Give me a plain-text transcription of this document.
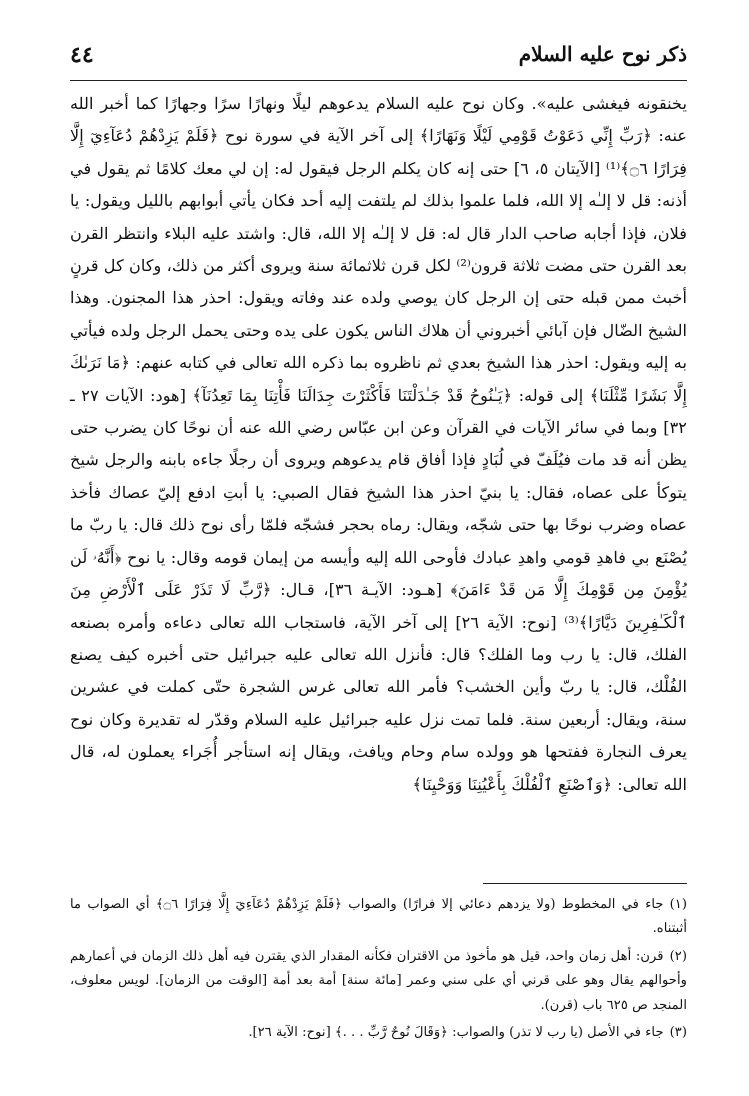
ذكر نوح عليه السلام
٤٤

يخنقونه فيغشى عليه». وكان نوح عليه السلام يدعوهم ليلًا ونهارًا سرًا وجهارًا كما أخبر الله عنه: ﴿رَبِّ إِنِّي دَعَوْتُ قَوْمِي لَيْلًا وَنَهَارًا﴾ إلى آخر الآية في سورة نوح ﴿فَلَمْ يَزِدْهُمْ دُعَآءِيٓ إِلَّا فِرَارًا ۝٦﴾⁽¹⁾ [الآيتان ٥، ٦] حتى إنه كان يكلم الرجل فيقول له: إن لي معك كلامًا ثم يقول في أذنه: قل لا إلـٰه إلا الله، فلما علموا بذلك لم يلتفت إليه أحد فكان يأتي أبوابهم بالليل ويقول: يا فلان، فإذا أجابه صاحب الدار قال له: قل لا إلـٰه إلا الله، قال: واشتد عليه البلاء وانتظر القرن بعد القرن حتى مضت ثلاثة قرون⁽²⁾ لكل قرن ثلاثمائة سنة ويروى أكثر من ذلك، وكان كل قرنٍ أخبث ممن قبله حتى إن الرجل كان يوصي ولده عند وفاته ويقول: احذر هذا المجنون. وهذا الشيخ الضّال فإن آبائي أخبروني أن هلاك الناس يكون على يده وحتى يحمل الرجل ولده فيأتي به إليه ويقول: احذر هذا الشيخ بعدي ثم ناظروه بما ذكره الله تعالى في كتابه عنهم: ﴿مَا نَرَىٰكَ إِلَّا بَشَرًا مِّثْلَنَا﴾ إلى قوله: ﴿يَـٰنُوحُ قَدْ جَـٰدَلْتَنَا فَأَكْثَرْتَ جِدَالَنَا فَأْتِنَا بِمَا تَعِدُنَآ﴾ [هود: الآيات ٢٧ ـ ٣٢] وبما في سائر الآيات في القرآن وعن ابن عبّاس رضي الله عنه أن نوحًا كان يضرب حتى يظن أنه قد مات فيُلَفّ في لُبَادٍ فإذا أفاق قام يدعوهم ويروى أن رجلًا جاءه بابنه والرجل شيخ يتوكأ على عصاه، فقال: يا بنيّ احذر هذا الشيخ فقال الصبي: يا أبتِ ادفع إليّ عصاك فأخذ عصاه وضرب نوحًا بها حتى شجّه، ويقال: رماه بحجر فشجّه فلمّا رأى نوح ذلك قال: يا ربّ ما يُصْنَع بي فاهدِ قومي واهدِ عبادك فأوحى الله إليه وأيسه من إيمان قومه وقال: يا نوح ﴿أَنَّهُۥ لَن يُؤْمِنَ مِن قَوْمِكَ إِلَّا مَن قَدْ ءَامَنَ﴾ [هـود: الآيـة ٣٦]، قـال: ﴿رَّبِّ لَا تَذَرْ عَلَى ٱلْأَرْضِ مِنَ ٱلْكَـٰفِرِينَ دَيَّارًا﴾⁽³⁾ [نوح: الآية ٢٦] إلى آخر الآية، فاستجاب الله تعالى دعاءه وأمره بصنعه الفلك، قال: يا رب وما الفلك؟ قال: فأنزل الله تعالى عليه جبرائيل حتى أخبره كيف يصنع الفُلْك، قال: يا ربّ وأين الخشب؟ فأمر الله تعالى غرس الشجرة حتّى كملت في عشرين سنة، ويقال: أربعين سنة. فلما تمت نزل عليه جبرائيل عليه السلام وقدّر له تقديرة وكان نوح يعرف النجارة ففتحها هو وولده سام وحام ويافث، ويقال إنه استأجر أُجَراء يعملون له، قال الله تعالى: ﴿وَٱصْنَعِ ٱلْفُلْكَ بِأَعْيُنِنَا وَوَحْيِنَا﴾

(١)جاء في المخطوط (ولا يزدهم دعائي إلا فرارًا) والصواب ﴿فَلَمْ يَزِدْهُمْ دُعَآءِيٓ إِلَّا فِرَارًا ۝٦﴾ أي الصواب ما أثبتناه.
(٢)قرن: أهل زمان واحد، قيل هو مأخوذ من الاقتران فكأنه المقدار الذي يقترن فيه أهل ذلك الزمان في أعمارهم وأحوالهم يقال وهو على قرني أي على سني وعمر [مائة سنة] أمة بعد أمة [الوقت من الزمان]. لويس معلوف، المنجد ص ٦٢٥ باب (قرن).
(٣)جاء في الأصل (يا رب لا تذر) والصواب: ﴿وَقَالَ نُوحٌ رَّبِّ . . .﴾ [نوح: الآية ٢٦].
